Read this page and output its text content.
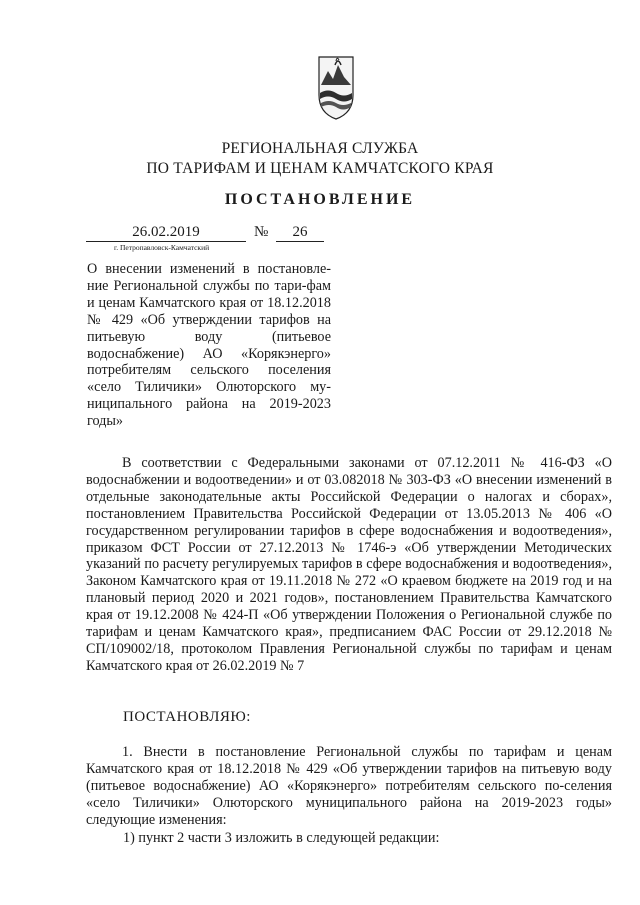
РЕГИОНАЛЬНАЯ СЛУЖБА
ПО ТАРИФАМ И ЦЕНАМ КАМЧАТСКОГО КРАЯ
ПОСТАНОВЛЕНИЕ
26.02.2019	№	26
г. Петропавловск-Камчатский
О внесении изменений в постановле-ние Региональной службы по тари-фам и ценам Камчатского края от 18.12.2018 № 429 «Об утверждении тарифов на питьевую воду (питьевое водоснабжение) АО «Корякэнерго» потребителям сельского поселения «село Тиличики» Олюторского му-ниципального района на 2019-2023 годы»
В соответствии с Федеральными законами от 07.12.2011 № 416-ФЗ «О водоснабжении и водоотведении» и от 03.082018 № 303-ФЗ «О внесении изменений в отдельные законодательные акты Российской Федерации о налогах и сборах», постановлением Правительства Российской Федерации от 13.05.2013 № 406 «О государственном регулировании тарифов в сфере водоснабжения и водоотведения», приказом ФСТ России от 27.12.2013 № 1746-э «Об утверждении Методических указаний по расчету регулируемых тарифов в сфере водоснабжения и водоотведения», Законом Камчатского края от 19.11.2018 № 272 «О краевом бюджете на 2019 год и на плановый период 2020 и 2021 годов», постановлением Правительства Камчатского края от 19.12.2008 № 424-П «Об утверждении Положения о Региональной службе по тарифам и ценам Камчатского края», предписанием ФАС России от 29.12.2018 № СП/109002/18, протоколом Правления Региональной службы по тарифам и ценам Камчатского края от 26.02.2019 № 7
ПОСТАНОВЛЯЮ:
1. Внести в постановление Региональной службы по тарифам и ценам Камчатского края от 18.12.2018 № 429 «Об утверждении тарифов на питьевую воду (питьевое водоснабжение) АО «Корякэнерго» потребителям сельского по-селения «село Тиличики» Олюторского муниципального района на 2019-2023 годы» следующие изменения:
1) пункт 2 части 3 изложить в следующей редакции:
